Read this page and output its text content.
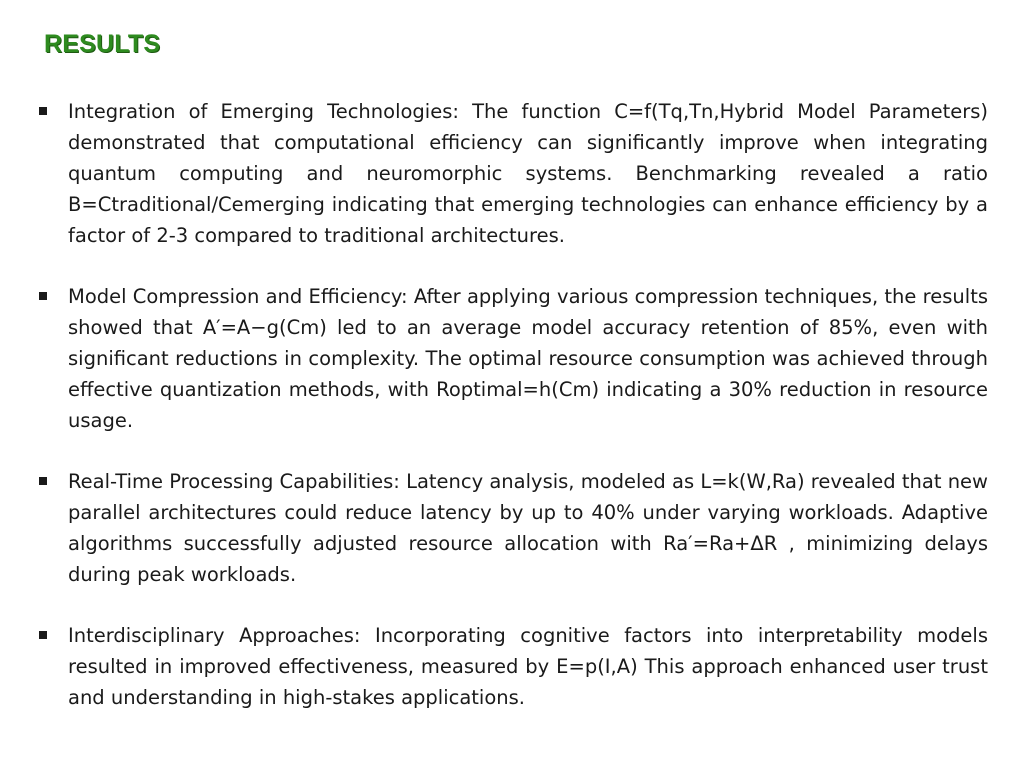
RESULTS
Integration of Emerging Technologies: The function C=f(Tq,Tn,Hybrid Model Parameters) demonstrated that computational efficiency can significantly improve when integrating quantum computing and neuromorphic systems. Benchmarking revealed a ratio B=Ctraditional/Cemerging indicating that emerging technologies can enhance efficiency by a factor of 2-3 compared to traditional architectures.
Model Compression and Efficiency: After applying various compression techniques, the results showed that A′=A−g(Cm) led to an average model accuracy retention of 85%, even with significant reductions in complexity. The optimal resource consumption was achieved through effective quantization methods, with Roptimal=h(Cm) indicating a 30% reduction in resource usage.
Real-Time Processing Capabilities: Latency analysis, modeled as L=k(W,Ra) revealed that new parallel architectures could reduce latency by up to 40% under varying workloads. Adaptive algorithms successfully adjusted resource allocation with Ra′=Ra+ΔR , minimizing delays during peak workloads.
Interdisciplinary Approaches: Incorporating cognitive factors into interpretability models resulted in improved effectiveness, measured by E=p(I,A) This approach enhanced user trust and understanding in high-stakes applications.
